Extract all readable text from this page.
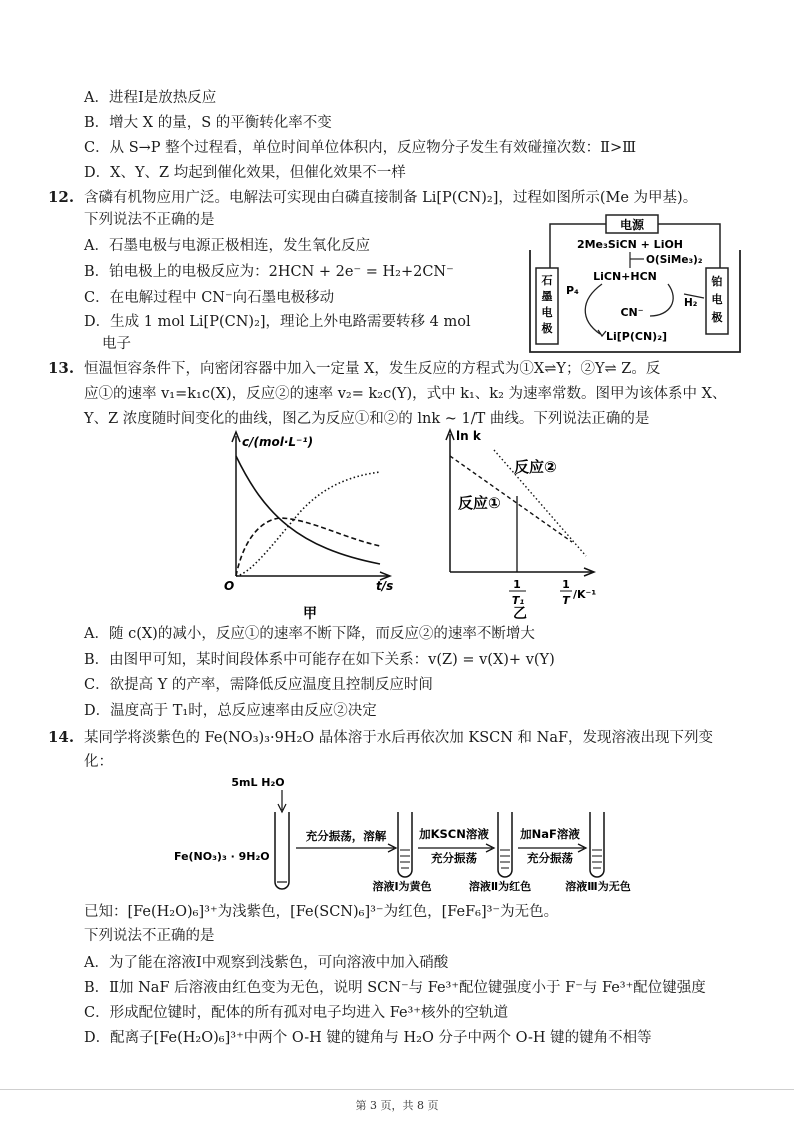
A．进程Ⅰ是放热反应
B．增大 X 的量，S 的平衡转化率不变
C．从 S→P 整个过程看，单位时间单位体积内，反应物分子发生有效碰撞次数：Ⅱ>Ⅲ
D．X、Y、Z 均起到催化效果，但催化效果不一样
12. 含磷有机物应用广泛。电解法可实现由白磷直接制备 Li[P(CN)₂]，过程如图所示(Me 为甲基)。
下列说法不正确的是
A．石墨电极与电源正极相连，发生氧化反应
B．铂电极上的电极反应为：2HCN + 2e⁻ = H₂+2CN⁻
C．在电解过程中 CN⁻向石墨电极移动
D．生成 1 mol Li[P(CN)₂]，理论上外电路需要转移 4 mol
电子
电源
石
墨
电
极
铂
电
极
2Me₃SiCN + LiOH
O(SiMe₃)₂
LiCN+HCN
P₄
CN⁻
H₂
Li[P(CN)₂]
13. 恒温恒容条件下，向密闭容器中加入一定量 X，发生反应的方程式为①X⇌Y；②Y⇌ Z。反
应①的速率 v₁=k₁c(X)，反应②的速率 v₂= k₂c(Y)，式中 k₁、k₂ 为速率常数。图甲为该体系中 X、
Y、Z 浓度随时间变化的曲线，图乙为反应①和②的 lnk ~ 1/T 曲线。下列说法正确的是
c/(mol·L⁻¹)
t/s
O
甲
ln k
反应②
反应①
1
T₁
1
T /K⁻¹
乙
A．随 c(X)的减小，反应①的速率不断下降，而反应②的速率不断增大
B．由图甲可知，某时间段体系中可能存在如下关系：v(Z) = v(X)+ v(Y)
C．欲提高 Y 的产率，需降低反应温度且控制反应时间
D．温度高于 T₁时，总反应速率由反应②决定
14. 某同学将淡紫色的 Fe(NO₃)₃·9H₂O 晶体溶于水后再依次加 KSCN 和 NaF，发现溶液出现下列变
化：
5mL H₂O
Fe(NO₃)₃ · 9H₂O
充分振荡，溶解	加KSCN溶液
充分振荡
加NaF溶液
充分振荡
溶液Ⅰ为黄色	溶液Ⅱ为红色	溶液Ⅲ为无色
已知：[Fe(H₂O)₆]³⁺为浅紫色，[Fe(SCN)₆]³⁻为红色，[FeF₆]³⁻为无色。
下列说法不正确的是
A．为了能在溶液Ⅰ中观察到浅紫色，可向溶液中加入硝酸
B．Ⅱ加 NaF 后溶液由红色变为无色，说明 SCN⁻与 Fe³⁺配位键强度小于 F⁻与 Fe³⁺配位键强度
C．形成配位键时，配体的所有孤对电子均进入 Fe³⁺核外的空轨道
D．配离子[Fe(H₂O)₆]³⁺中两个 O-H 键的键角与 H₂O 分子中两个 O-H 键的键角不相等
第 3 页，共 8 页
